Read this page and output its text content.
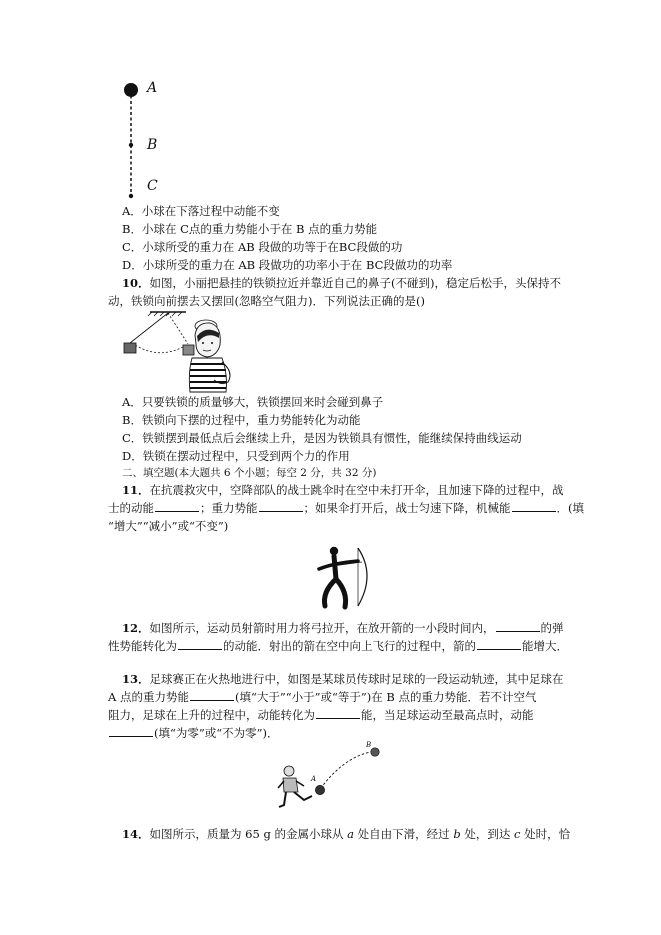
A
B
C
A．小球在下落过程中动能不变
B．小球在 C点的重力势能小于在 B 点的重力势能
C．小球所受的重力在 AB 段做的功等于在BC段做的功
D．小球所受的重力在 AB 段做功的功率小于在 BC段做功的功率
10．如图，小丽把悬挂的铁锁拉近并靠近自己的鼻子(不碰到)，稳定后松手，头保持不
动，铁锁向前摆去又摆回(忽略空气阻力)．下列说法正确的是()
A．只要铁锁的质量够大，铁锁摆回来时会碰到鼻子
B．铁锁向下摆的过程中，重力势能转化为动能
C．铁锁摆到最低点后会继续上升，是因为铁锁具有惯性，能继续保持曲线运动
D．铁锁在摆动过程中，只受到两个力的作用
二、填空题(本大题共 6 个小题；每空 2 分，共 32 分)
11．在抗震救灾中，空降部队的战士跳伞时在空中未打开伞，且加速下降的过程中，战
士的动能	；重力势能	；如果伞打开后，战士匀速下降，机械能	．(填
“增大”“减小”或“不变”)
12．如图所示，运动员射箭时用力将弓拉开，在放开箭的一小段时间内，	的弹
性势能转化为	的动能．射出的箭在空中向上飞行的过程中，箭的	能增大．
13．足球赛正在火热地进行中，如图是某球员传球时足球的一段运动轨迹，其中足球在
A 点的重力势能	(填“大于”“小于”或“等于”)在 B 点的重力势能．若不计空气
阻力，足球在上升的过程中，动能转化为	能，当足球运动至最高点时，动能
(填“为零”或“不为零”)．
A
B
14．如图所示，质量为 65 g 的金属小球从 a 处自由下滑，经过 b 处，到达 c 处时，恰
